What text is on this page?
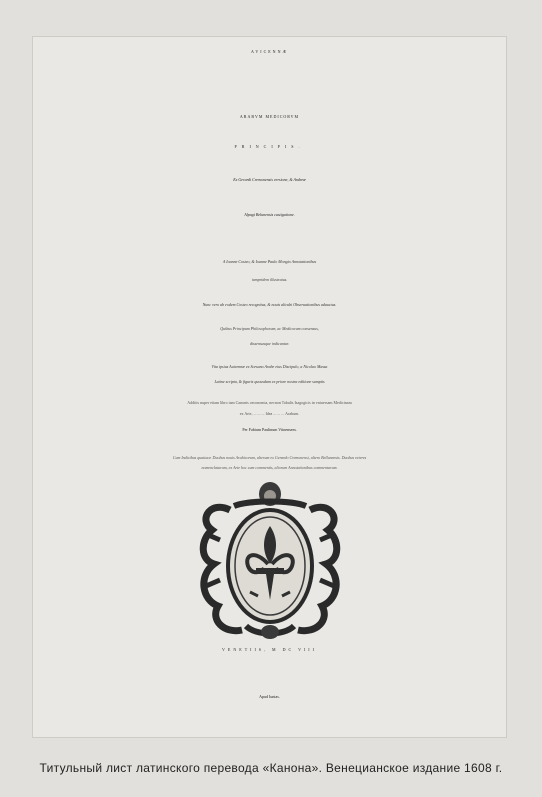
AVICENNÆ
ARABVM MEDICORVM
PRINCIPIS.
Ex Gerardi Cremonensis versione, & Andreæ
Alpagi Belunensis castigatione.
A Ioanne Costeo, & Ioanne Paulo Mongio Annotationibus
iampridem illustratus.
Nunc vero ab eodem Costeo recognitus, & nouis alicubi Obseruationibus adauctus.
Quibus Principum Philosophorum, ac Medicorum consensus,
dissensusque indicantur.
Vita ipsius Auicennæ ex Sorsano Arabe eius Discipulo, a Nicolao Massa
Latine scripta, & figuris quousdam ex priore nostra editione sumptis
Additis nuper etiam libro tam Canonis oeconomia, necnon Tabulis Isagogicis in vniuersam Medicinam
ex Arte, ... ... ... Idea ... ... ... Arabum.
Per Fabium Paulinum Vtinensem.
Cum Indicibus quattuor. Duobus nouis Arabicorum, alterum ex Gerardo Cremonensi, altero Bellunensis. Duobus veteres
nomenclaturam, ex Arte hoc cum commentis, aliorum Annotationibus commentarum.
VENETIIS, M DC VIII
Apud Iuntas.
Титульный лист латинского перевода «Канона». Венецианское издание 1608 г.
